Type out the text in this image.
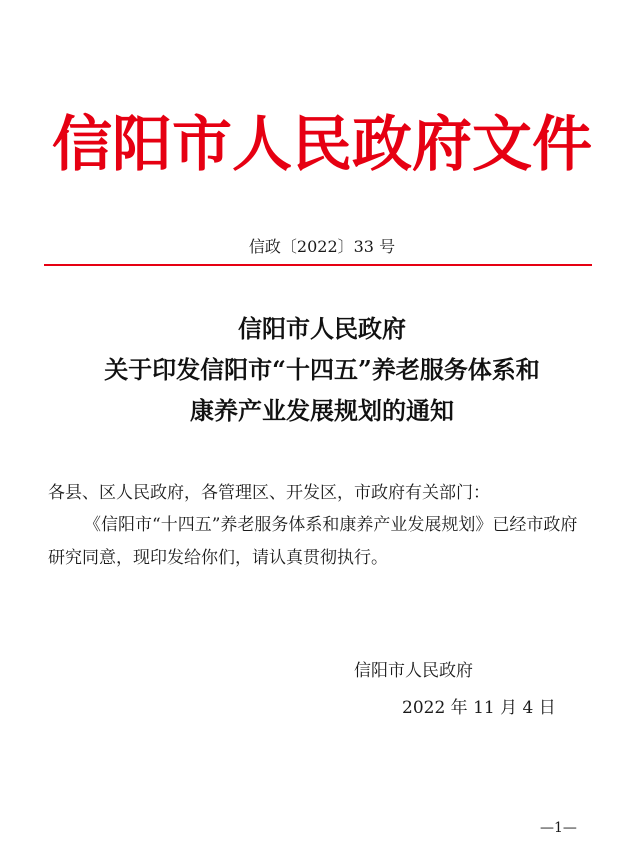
信阳市人民政府文件
信政〔2022〕33 号
信阳市人民政府
关于印发信阳市“十四五”养老服务体系和
康养产业发展规划的通知
各县、区人民政府，各管理区、开发区，市政府有关部门：
《信阳市“十四五”养老服务体系和康养产业发展规划》已经市政府研究同意，现印发给你们，请认真贯彻执行。
信阳市人民政府
2022 年 11 月 4 日
—1—
